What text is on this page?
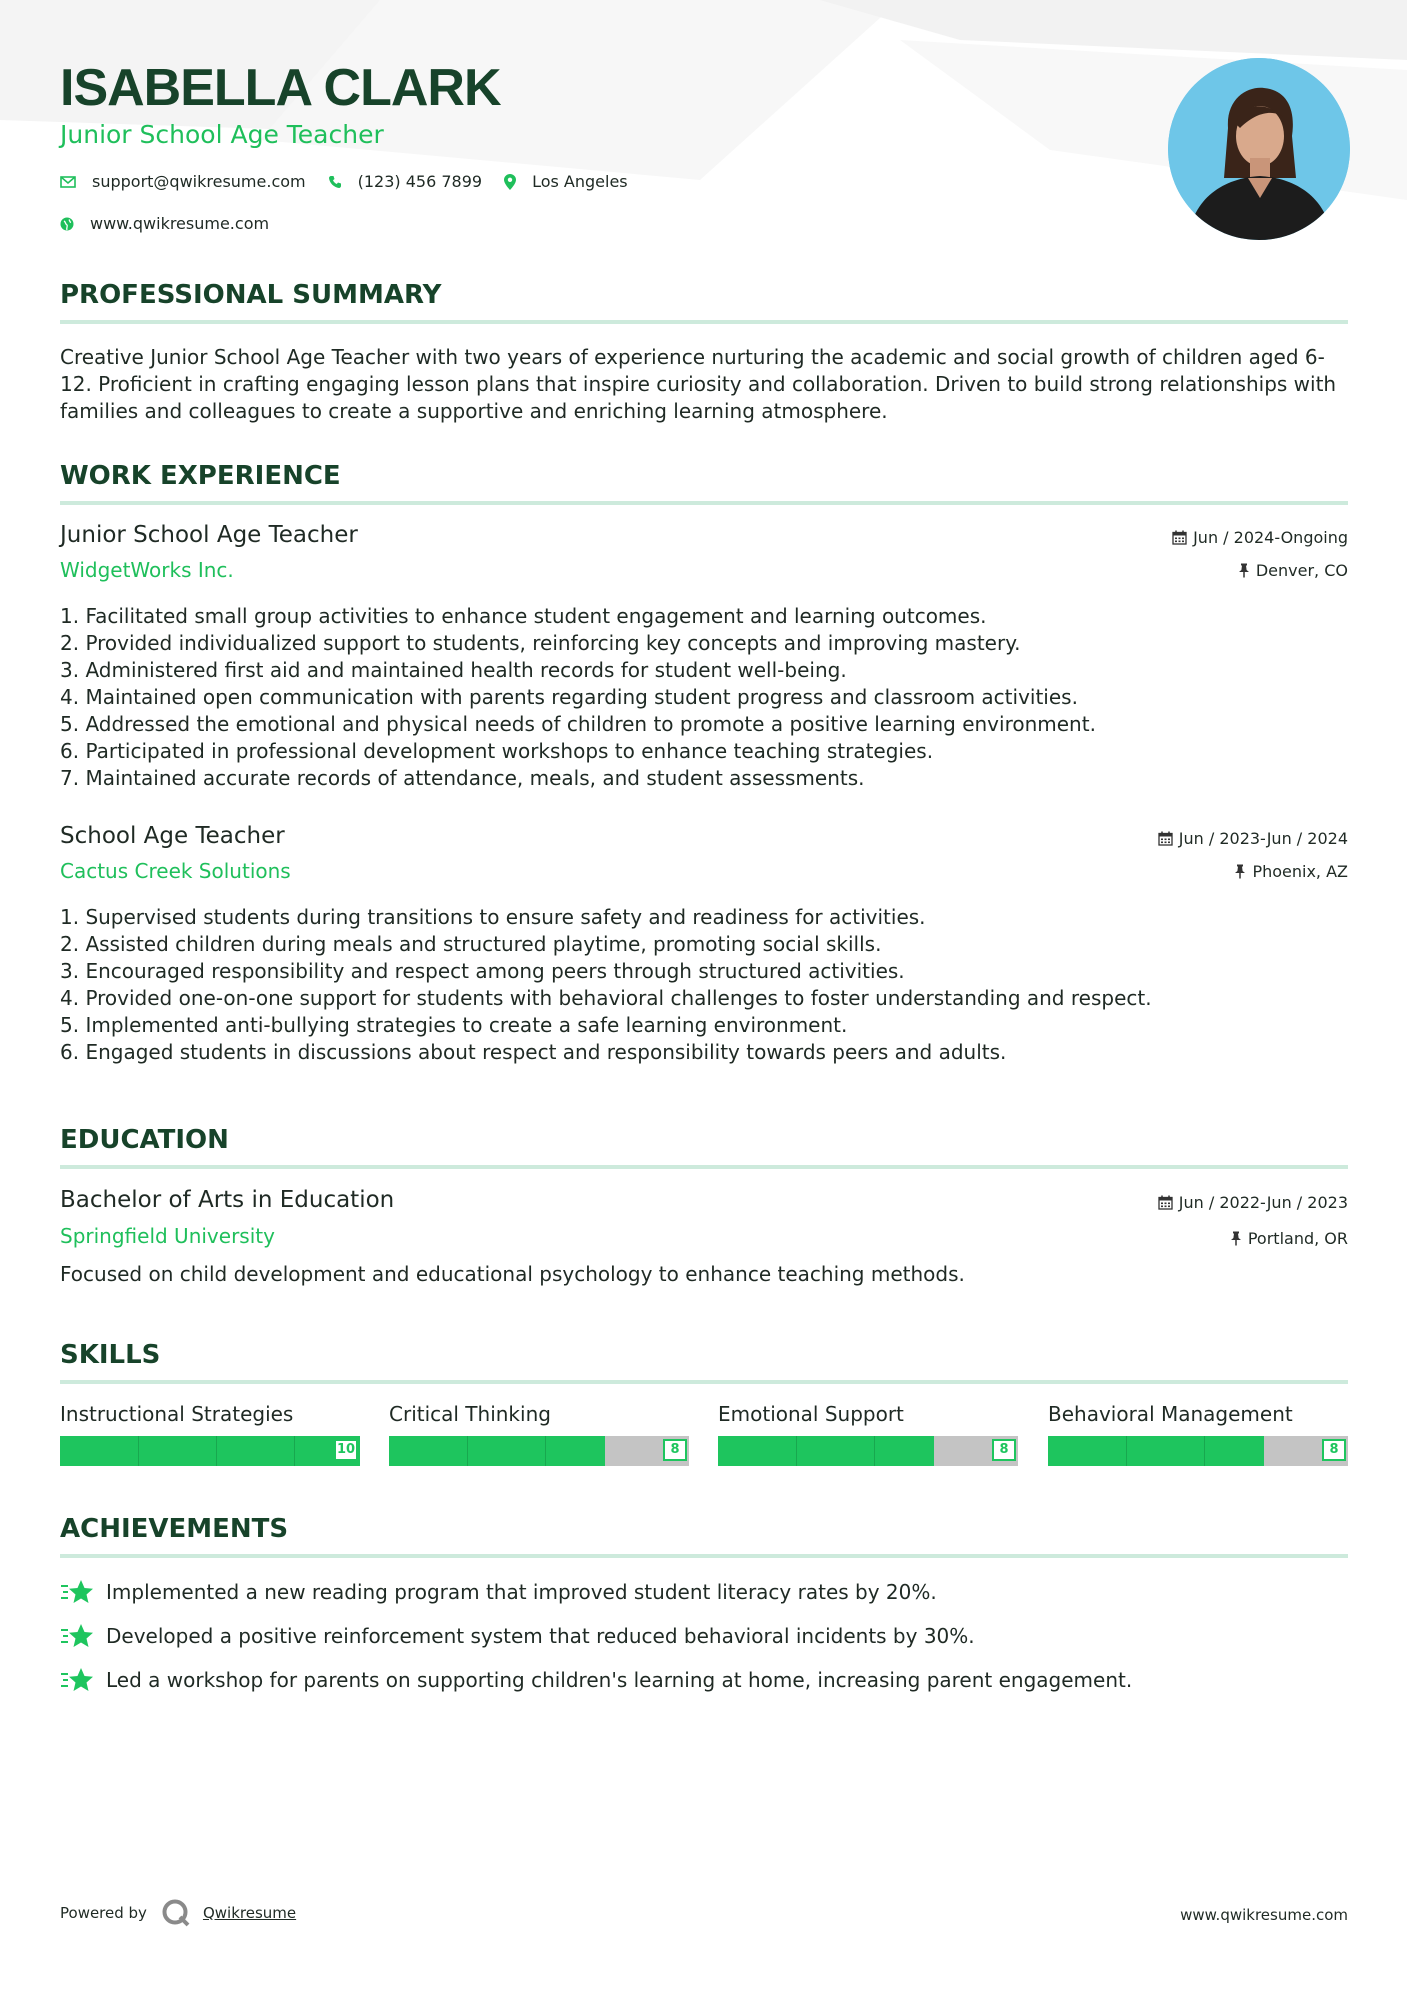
ISABELLA CLARK
Junior School Age Teacher
support@qwikresume.com	(123) 456 7899	Los Angeles
www.qwikresume.com
PROFESSIONAL SUMMARY

Creative Junior School Age Teacher with two years of experience nurturing the academic and social growth of children aged 6-12. Proficient in crafting engaging lesson plans that inspire curiosity and collaboration. Driven to build strong relationships with families and colleagues to create a supportive and enriching learning atmosphere.

WORK EXPERIENCE

Junior School Age Teacher

WidgetWorks Inc.

Jun / 2024-Ongoing
Denver, CO
1. Facilitated small group activities to enhance student engagement and learning outcomes.
2. Provided individualized support to students, reinforcing key concepts and improving mastery.
3. Administered first aid and maintained health records for student well-being.
4. Maintained open communication with parents regarding student progress and classroom activities.
5. Addressed the emotional and physical needs of children to promote a positive learning environment.
6. Participated in professional development workshops to enhance teaching strategies.
7. Maintained accurate records of attendance, meals, and student assessments.

School Age Teacher

Cactus Creek Solutions

Jun / 2023-Jun / 2024
Phoenix, AZ
1. Supervised students during transitions to ensure safety and readiness for activities.
2. Assisted children during meals and structured playtime, promoting social skills.
3. Encouraged responsibility and respect among peers through structured activities.
4. Provided one-on-one support for students with behavioral challenges to foster understanding and respect.
5. Implemented anti-bullying strategies to create a safe learning environment.
6. Engaged students in discussions about respect and responsibility towards peers and adults.
EDUCATION

Bachelor of Arts in Education

Springfield University

Jun / 2022-Jun / 2023
Portland, OR

Focused on child development and educational psychology to enhance teaching methods.

SKILLS

Instructional Strategies

10

Critical Thinking

8

Emotional Support

8

Behavioral Management

8
ACHIEVEMENTS
Implemented a new reading program that improved student literacy rates by 20%.
Developed a positive reinforcement system that reduced behavioral incidents by 30%.
Led a workshop for parents on supporting children's learning at home, increasing parent engagement.
Powered by	Qwikresume	www.qwikresume.com
